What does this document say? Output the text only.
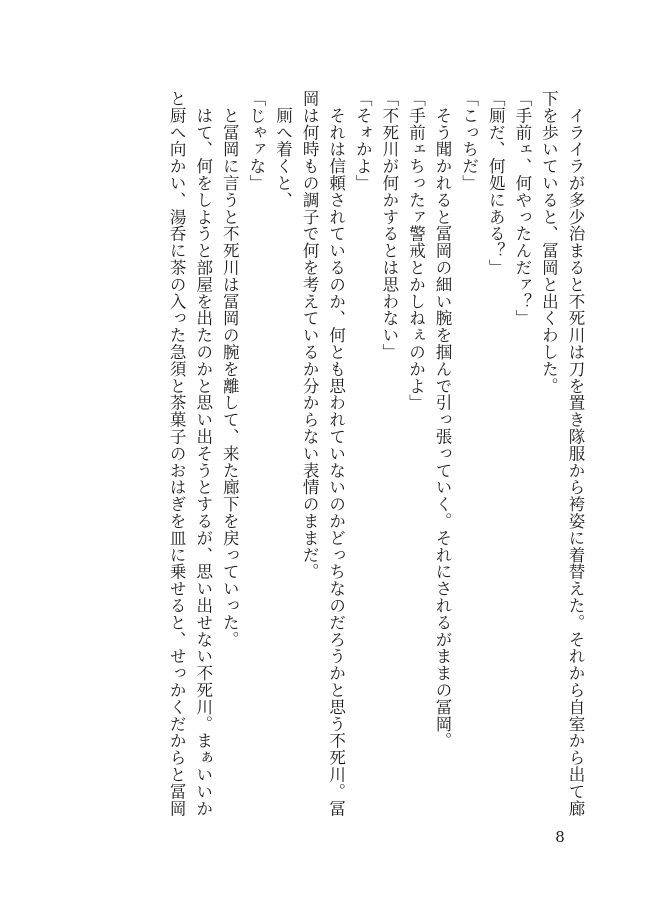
　イライラが多少治まると不死川は刀を置き隊服から袴姿に着替えた。それから自室から出て廊

下を歩いていると、冨岡と出くわした。

「手前ェ、何やったんだァ？」

「厠だ、何処にある？」

「こっちだ」

　そう聞かれると冨岡の細い腕を掴んで引っ張っていく。それにされるがままの冨岡。

「手前ェちったァ警戒とかしねぇのかよ」

「不死川が何かするとは思わない」

「そォかよ」

　それは信頼されているのか、何とも思われていないのかどっちなのだろうかと思う不死川。冨

岡は何時もの調子で何を考えているか分からない表情のままだ。

　厠へ着くと、

「じゃァな」

　と冨岡に言うと不死川は冨岡の腕を離して、来た廊下を戻っていった。

　はて、何をしようと部屋を出たのかと思い出そうとするが、思い出せない不死川。まぁいいか

と厨へ向かい、湯呑に茶の入った急須と茶菓子のおはぎを皿に乗せると、せっかくだからと冨岡

8
